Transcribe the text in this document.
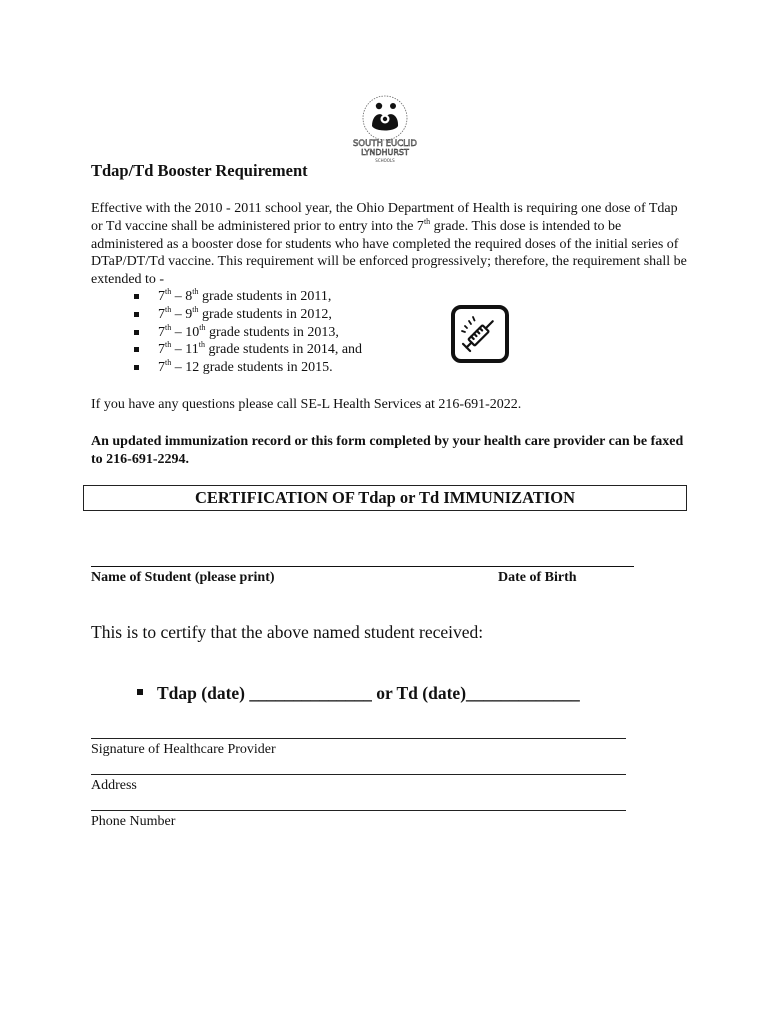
SOUTH EUCLID
LYNDHURST
SCHOOLS
Tdap/Td Booster Requirement

Effective with the 2010 - 2011 school year, the Ohio Department of Health is requiring one dose of Tdap or Td vaccine shall be administered prior to entry into the 7th grade. This dose is intended to be administered as a booster dose for students who have completed the required doses of the initial series of DTaP/DT/Td vaccine. This requirement will be enforced progressively; therefore, the requirement shall be extended to -

7th – 8th grade students in 2011,
7th – 9th grade students in 2012,
7th – 10th grade students in 2013,
7th – 11th grade students in 2014, and
7th – 12 grade students in 2015.

If you have any questions please call SE-L Health Services at 216-691-2022.

An updated immunization record or this form completed by your health care provider can be faxed to 216-691-2294.

CERTIFICATION OF Tdap or Td IMMUNIZATION

Name of Student (please print)	Date of Birth

This is to certify that the above named student received:

Tdap (date) ______________ or Td (date)_____________

Signature of Healthcare Provider

Address

Phone Number
